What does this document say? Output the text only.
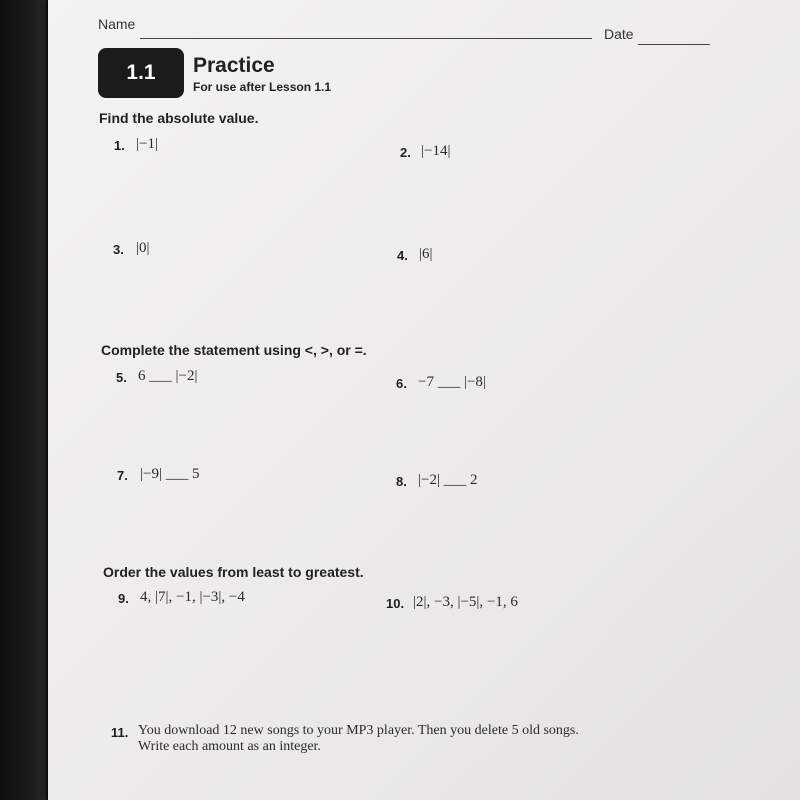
Name
Date
1.1 Practice
For use after Lesson 1.1
Find the absolute value.
1. |−1|
2. |−14|
3. |0|	4. |6|
Complete the statement using <, >, or =.
5. 6 ___ |−2|	6. −7 ___ |−8|
7. |−9| ___ 5	8. |−2| ___ 2
Order the values from least to greatest.
9. 4, |7|, −1, |−3|, −4	10. |2|, −3, |−5|, −1, 6
11. You download 12 new songs to your MP3 player. Then you delete 5 old songs. Write each amount as an integer.
